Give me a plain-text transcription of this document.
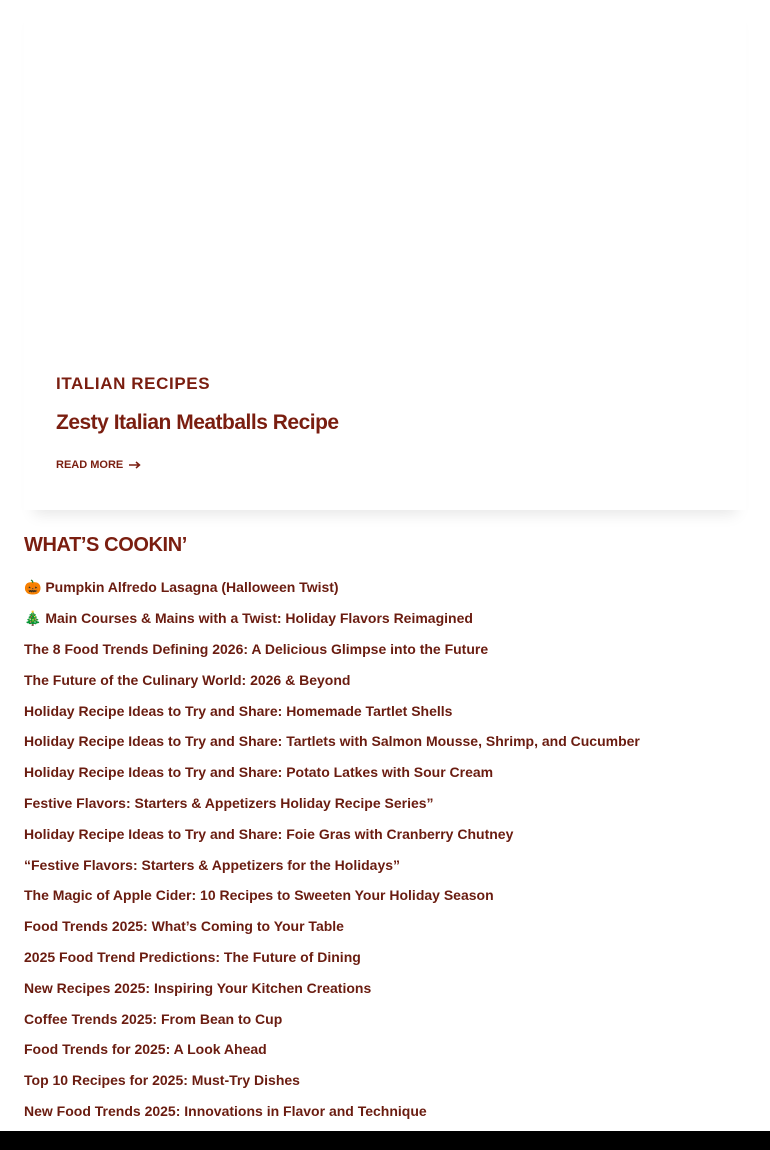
ITALIAN RECIPES
Zesty Italian Meatballs Recipe
READ MORE
WHAT’S COOKIN’
🎃 Pumpkin Alfredo Lasagna (Halloween Twist)
🎄 Main Courses & Mains with a Twist: Holiday Flavors Reimagined
The 8 Food Trends Defining 2026: A Delicious Glimpse into the Future
The Future of the Culinary World: 2026 & Beyond
Holiday Recipe Ideas to Try and Share: Homemade Tartlet Shells
Holiday Recipe Ideas to Try and Share: Tartlets with Salmon Mousse, Shrimp, and Cucumber
Holiday Recipe Ideas to Try and Share: Potato Latkes with Sour Cream
Festive Flavors: Starters & Appetizers Holiday Recipe Series”
Holiday Recipe Ideas to Try and Share: Foie Gras with Cranberry Chutney
“Festive Flavors: Starters & Appetizers for the Holidays”
The Magic of Apple Cider: 10 Recipes to Sweeten Your Holiday Season
Food Trends 2025: What’s Coming to Your Table
2025 Food Trend Predictions: The Future of Dining
New Recipes 2025: Inspiring Your Kitchen Creations
Coffee Trends 2025: From Bean to Cup
Food Trends for 2025: A Look Ahead
Top 10 Recipes for 2025: Must-Try Dishes
New Food Trends 2025: Innovations in Flavor and Technique
